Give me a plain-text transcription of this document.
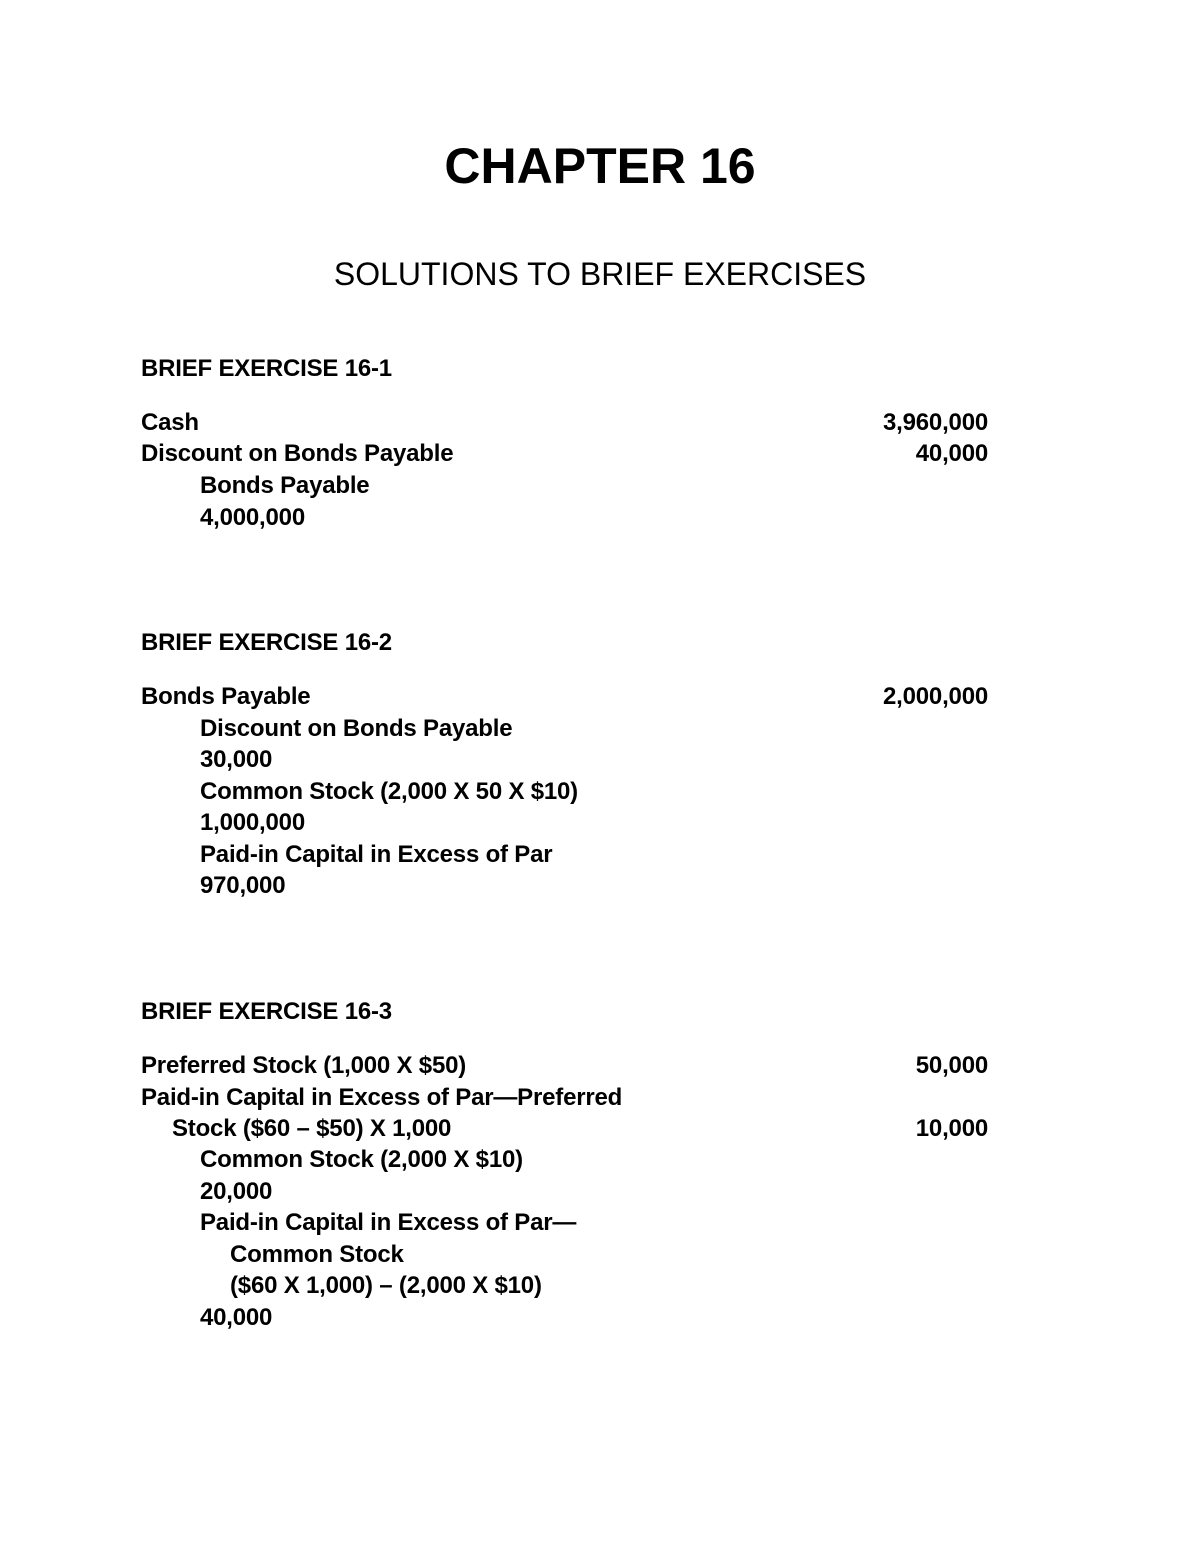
CHAPTER 16
SOLUTIONS TO BRIEF EXERCISES
BRIEF EXERCISE 16-1
Cash	3,960,000
Discount on Bonds Payable	40,000
Bonds Payable
4,000,000
BRIEF EXERCISE 16-2
Bonds Payable	2,000,000
Discount on Bonds Payable
30,000
Common Stock (2,000 X 50 X $10)
1,000,000
Paid-in Capital in Excess of Par
970,000
BRIEF EXERCISE 16-3
Preferred Stock (1,000 X $50)	50,000
Paid-in Capital in Excess of Par—Preferred
Stock ($60 – $50) X 1,000	10,000
Common Stock (2,000 X $10)
20,000
Paid-in Capital in Excess of Par—
Common Stock
($60 X 1,000) – (2,000 X $10)
40,000
